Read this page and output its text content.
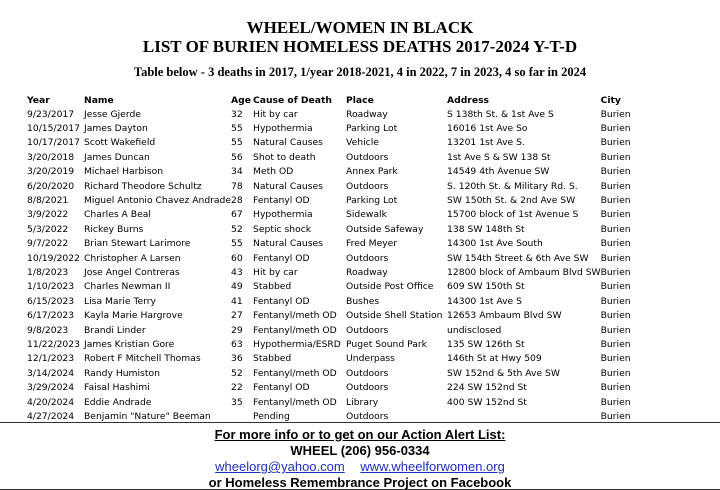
WHEEL/WOMEN IN BLACK
LIST OF BURIEN HOMELESS DEATHS 2017-2024 Y-T-D
Table below - 3 deaths in 2017, 1/year 2018-2021, 4 in 2022, 7 in 2023, 4 so far in 2024
Year	Name	Age	Cause of Death	Place	Address	City
9/23/2017	Jesse Gjerde	32	Hit by car	Roadway	S 138th St. & 1st Ave S	Burien
10/15/2017	James Dayton	55	Hypothermia	Parking Lot	16016 1st Ave So	Burien
10/17/2017	Scott Wakefield	55	Natural Causes	Vehicle	13201 1st Ave S.	Burien
3/20/2018	James Duncan	56	Shot to death	Outdoors	1st Ave S & SW 138 St	Burien
3/20/2019	Michael Harbison	34	Meth OD	Annex Park	14549 4th Avenue SW	Burien
6/20/2020	Richard Theodore Schultz	78	Natural Causes	Outdoors	S. 120th St. & Military Rd. S.	Burien
8/8/2021	Miguel Antonio Chavez Andrade	28	Fentanyl OD	Parking Lot	SW 150th St. & 2nd Ave SW	Burien
3/9/2022	Charles A Beal	67	Hypothermia	Sidewalk	15700 block of 1st Avenue S	Burien
5/3/2022	Rickey Burns	52	Septic shock	Outside Safeway	138 SW 148th St	Burien
9/7/2022	Brian Stewart Larimore	55	Natural Causes	Fred Meyer	14300 1st Ave South	Burien
10/19/2022	Christopher A Larsen	60	Fentanyl OD	Outdoors	SW 154th Street & 6th Ave SW	Burien
1/8/2023	Jose Angel Contreras	43	Hit by car	Roadway	12800 block of Ambaum Blvd SW	Burien
1/10/2023	Charles Newman II	49	Stabbed	Outside Post Office	609 SW 150th St	Burien
6/15/2023	Lisa Marie Terry	41	Fentanyl OD	Bushes	14300 1st Ave S	Burien
6/17/2023	Kayla Marie Hargrove	27	Fentanyl/meth OD	Outside Shell Station	12653 Ambaum Blvd SW	Burien
9/8/2023	Brandi Linder	29	Fentanyl/meth OD	Outdoors	undisclosed	Burien
11/22/2023	James Kristian Gore	63	Hypothermia/ESRD	Puget Sound Park	135 SW 126th St	Burien
12/1/2023	Robert F Mitchell Thomas	36	Stabbed	Underpass	146th St at Hwy 509	Burien
3/14/2024	Randy Humiston	52	Fentanyl/meth OD	Outdoors	SW 152nd & 5th Ave SW	Burien
3/29/2024	Faisal Hashimi	22	Fentanyl OD	Outdoors	224 SW 152nd St	Burien
4/20/2024	Eddie Andrade	35	Fentanyl/meth OD	Library	400 SW 152nd St	Burien
4/27/2024	Benjamin "Nature" Beeman		Pending	Outdoors		Burien
For more info or to get on our Action Alert List:
WHEEL (206) 956-0334
wheelorg@yahoo.com www.wheelforwomen.org
or Homeless Remembrance Project on Facebook
